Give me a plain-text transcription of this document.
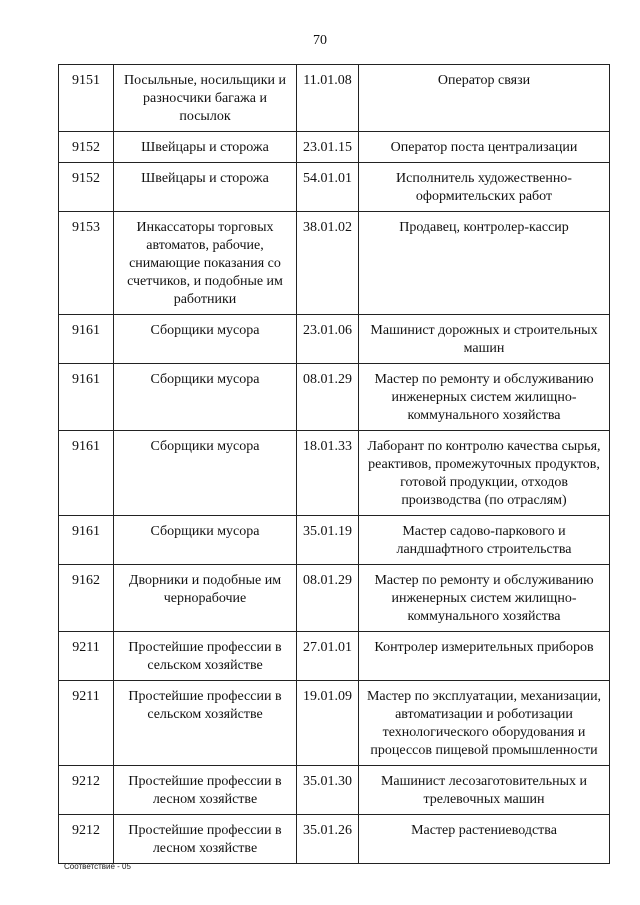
70
9151	Посыльные, носильщики и разносчики багажа и посылок	11.01.08	Оператор связи
9152	Швейцары и сторожа	23.01.15	Оператор поста централизации
9152	Швейцары и сторожа	54.01.01	Исполнитель художественно-оформительских работ
9153	Инкассаторы торговых автоматов, рабочие, снимающие показания со счетчиков, и подобные им работники	38.01.02	Продавец, контролер-кассир
9161	Сборщики мусора	23.01.06	Машинист дорожных и строительных машин
9161	Сборщики мусора	08.01.29	Мастер по ремонту и обслуживанию инженерных систем жилищно-коммунального хозяйства
9161	Сборщики мусора	18.01.33	Лаборант по контролю качества сырья, реактивов, промежуточных продуктов, готовой продукции, отходов производства (по отраслям)
9161	Сборщики мусора	35.01.19	Мастер садово-паркового и ландшафтного строительства
9162	Дворники и подобные им чернорабочие	08.01.29	Мастер по ремонту и обслуживанию инженерных систем жилищно-коммунального хозяйства
9211	Простейшие профессии в сельском хозяйстве	27.01.01	Контролер измерительных приборов
9211	Простейшие профессии в сельском хозяйстве	19.01.09	Мастер по эксплуатации, механизации, автоматизации и роботизации технологического оборудования и процессов пищевой промышленности
9212	Простейшие профессии в лесном хозяйстве	35.01.30	Машинист лесозаготовительных и трелевочных машин
9212	Простейшие профессии в лесном хозяйстве	35.01.26	Мастер растениеводства
Соответствие - 05
